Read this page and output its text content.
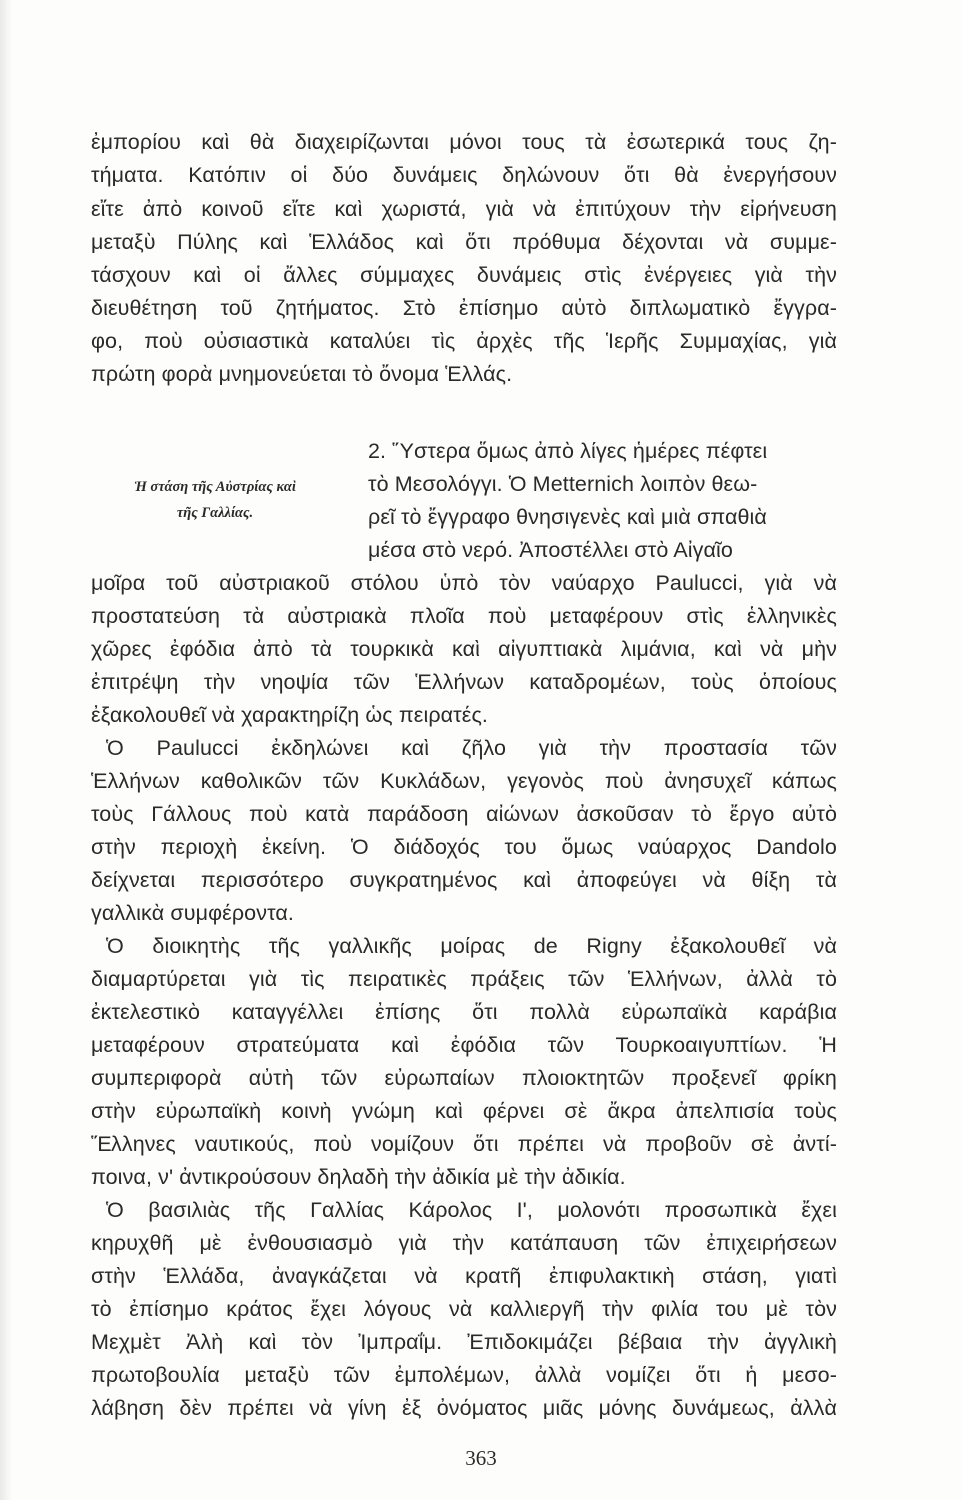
ἐμπορίου καὶ θὰ διαχειρίζωνται μόνοι τους τὰ ἐσωτερικά τους ζη-
τήματα. Κατόπιν οἱ δύο δυνάμεις δηλώνουν ὅτι θὰ ἐνεργήσουν
εἴτε ἀπὸ κοινοῦ εἴτε καὶ χωριστά, γιὰ νὰ ἐπιτύχουν τὴν εἰρήνευση
μεταξὺ Πύλης καὶ Ἑλλάδος καὶ ὅτι πρόθυμα δέχονται νὰ συμμε-
τάσχουν καὶ οἱ ἄλλες σύμμαχες δυνάμεις στὶς ἐνέργειες γιὰ τὴν
διευθέτηση τοῦ ζητήματος. Στὸ ἐπίσημο αὐτὸ διπλωματικὸ ἔγγρα-
φο, ποὺ οὐσιαστικὰ καταλύει τὶς ἀρχὲς τῆς Ἱερῆς Συμμαχίας, γιὰ
πρώτη φορὰ μνημονεύεται τὸ ὄνομα Ἑλλάς.
2. Ὕστερα ὅμως ἀπὸ λίγες ἡμέρες πέφτει
τὸ Μεσολόγγι. Ὁ Metternich λοιπὸν θεω-
ρεῖ τὸ ἔγγραφο θνησιγενὲς καὶ μιὰ σπαθιὰ
μέσα στὸ νερό. Ἀποστέλλει στὸ Αἰγαῖο
Ἡ στάση τῆς Αὐστρίας καὶ
τῆς Γαλλίας.
μοῖρα τοῦ αὐστριακοῦ στόλου ὑπὸ τὸν ναύαρχο Paulucci, γιὰ νὰ
προστατεύση τὰ αὐστριακὰ πλοῖα ποὺ μεταφέρουν στὶς ἑλληνικὲς
χῶρες ἐφόδια ἀπὸ τὰ τουρκικὰ καὶ αἰγυπτιακὰ λιμάνια, καὶ νὰ μὴν
ἐπιτρέψη τὴν νηοψία τῶν Ἑλλήνων καταδρομέων, τοὺς ὁποίους
ἐξακολουθεῖ νὰ χαρακτηρίζη ὡς πειρατές.
Ὁ Paulucci ἐκδηλώνει καὶ ζῆλο γιὰ τὴν προστασία τῶν
Ἑλλήνων καθολικῶν τῶν Κυκλάδων, γεγονὸς ποὺ ἀνησυχεῖ κάπως
τοὺς Γάλλους ποὺ κατὰ παράδοση αἰώνων ἀσκοῦσαν τὸ ἔργο αὐτὸ
στὴν περιοχὴ ἐκείνη. Ὁ διάδοχός του ὅμως ναύαρχος Dandolo
δείχνεται περισσότερο συγκρατημένος καὶ ἀποφεύγει νὰ θίξη τὰ
γαλλικὰ συμφέροντα.
Ὁ διοικητὴς τῆς γαλλικῆς μοίρας de Rigny ἐξακολουθεῖ νὰ
διαμαρτύρεται γιὰ τὶς πειρατικὲς πράξεις τῶν Ἑλλήνων, ἀλλὰ τὸ
ἐκτελεστικὸ καταγγέλλει ἐπίσης ὅτι πολλὰ εὐρωπαϊκὰ καράβια
μεταφέρουν στρατεύματα καὶ ἐφόδια τῶν Τουρκοαιγυπτίων. Ἡ
συμπεριφορὰ αὐτὴ τῶν εὐρωπαίων πλοιοκτητῶν προξενεῖ φρίκη
στὴν εὐρωπαϊκὴ κοινὴ γνώμη καὶ φέρνει σὲ ἄκρα ἀπελπισία τοὺς
Ἕλληνες ναυτικούς, ποὺ νομίζουν ὅτι πρέπει νὰ προβοῦν σὲ ἀντί-
ποινα, ν' ἀντικρούσουν δηλαδὴ τὴν ἀδικία μὲ τὴν ἀδικία.
Ὁ βασιλιὰς τῆς Γαλλίας Κάρολος Ι', μολονότι προσωπικὰ ἔχει
κηρυχθῆ μὲ ἐνθουσιασμὸ γιὰ τὴν κατάπαυση τῶν ἐπιχειρήσεων
στὴν Ἑλλάδα, ἀναγκάζεται νὰ κρατῆ ἐπιφυλακτικὴ στάση, γιατὶ
τὸ ἐπίσημο κράτος ἔχει λόγους νὰ καλλιεργῆ τὴν φιλία του μὲ τὸν
Μεχμὲτ Ἀλὴ καὶ τὸν Ἰμπραΐμ. Ἐπιδοκιμάζει βέβαια τὴν ἀγγλικὴ
πρωτοβουλία μεταξὺ τῶν ἐμπολέμων, ἀλλὰ νομίζει ὅτι ἡ μεσο-
λάβηση δὲν πρέπει νὰ γίνη ἐξ ὀνόματος μιᾶς μόνης δυνάμεως, ἀλλὰ
363
